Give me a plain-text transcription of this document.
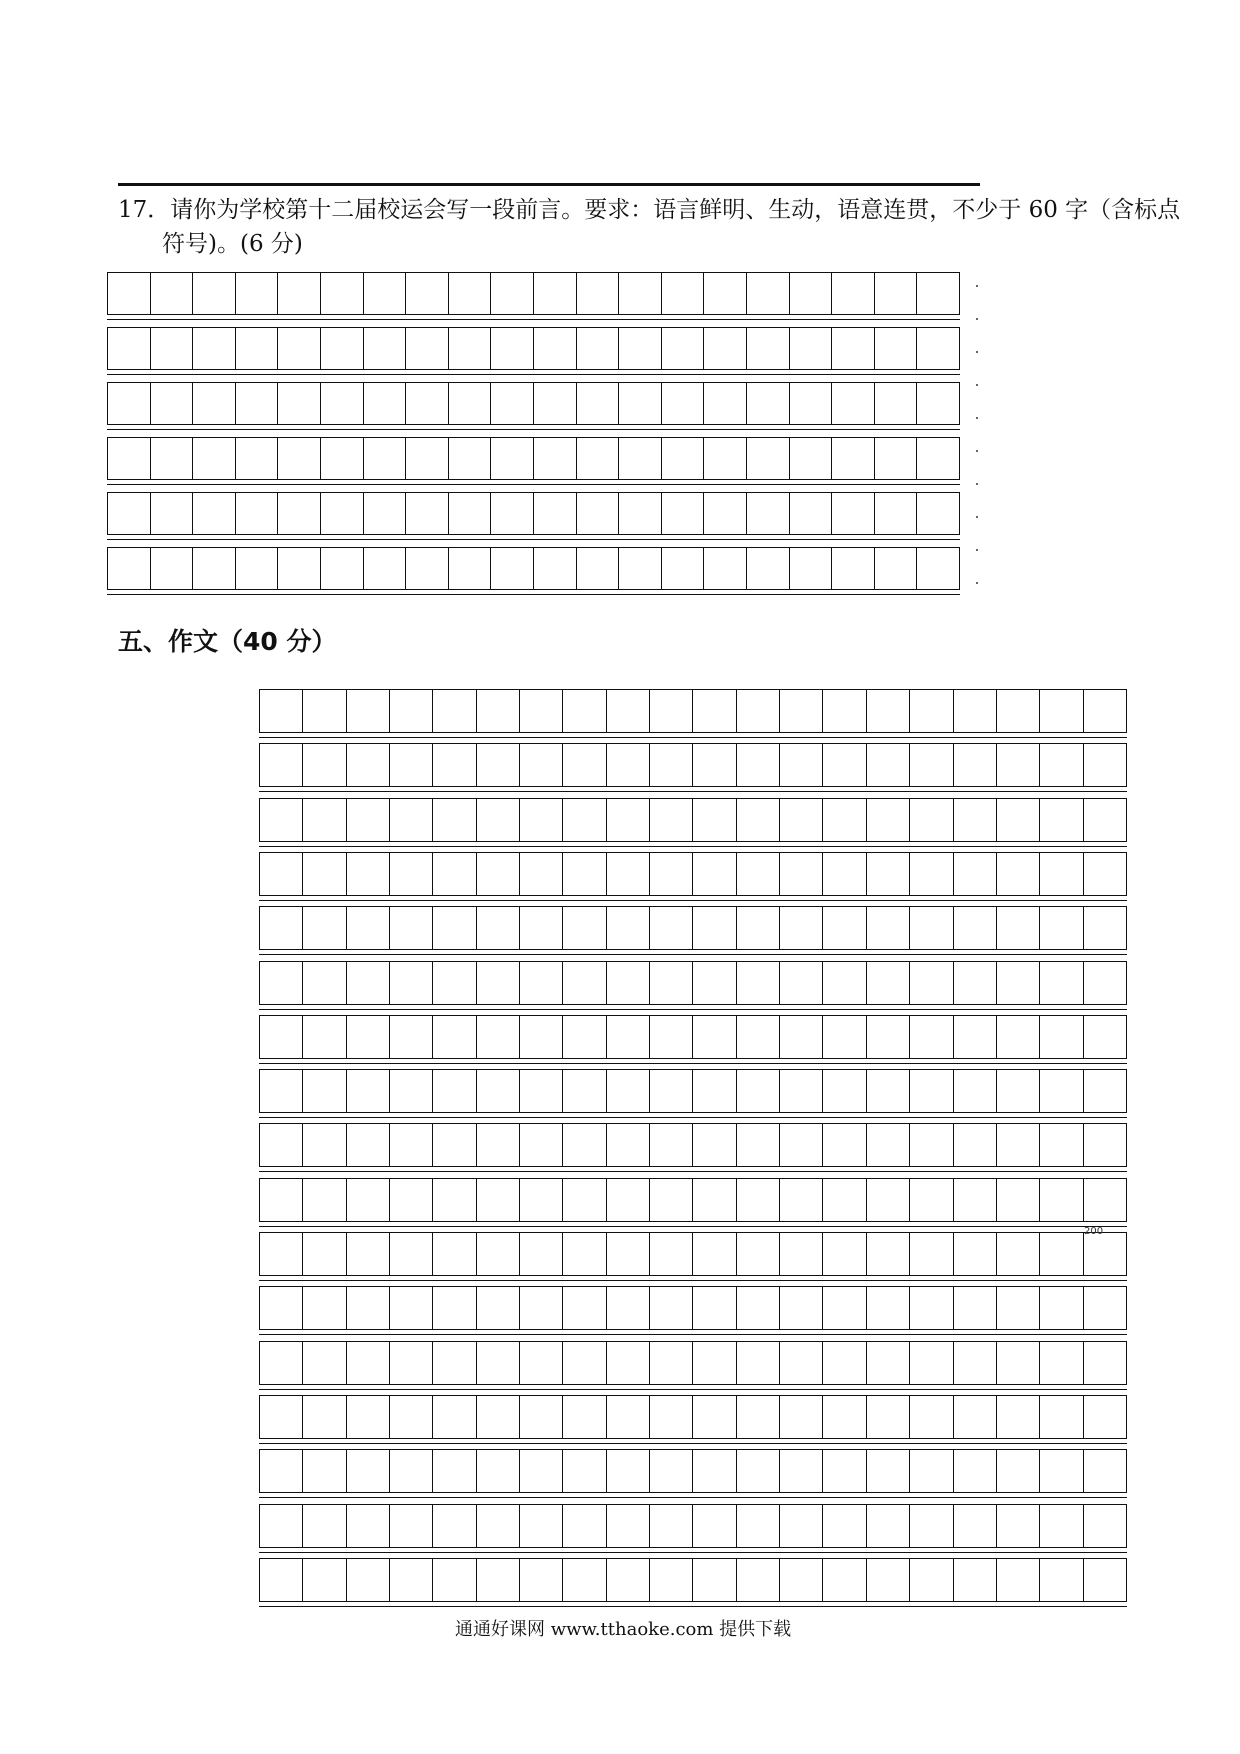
17．请你为学校第十二届校运会写一段前言。要求：语言鲜明、生动，语意连贯，不少于 60 字（含标点
符号)。(6 分)
五、作文（40 分）
200
通通好课网 www.tthaoke.com 提供下载
